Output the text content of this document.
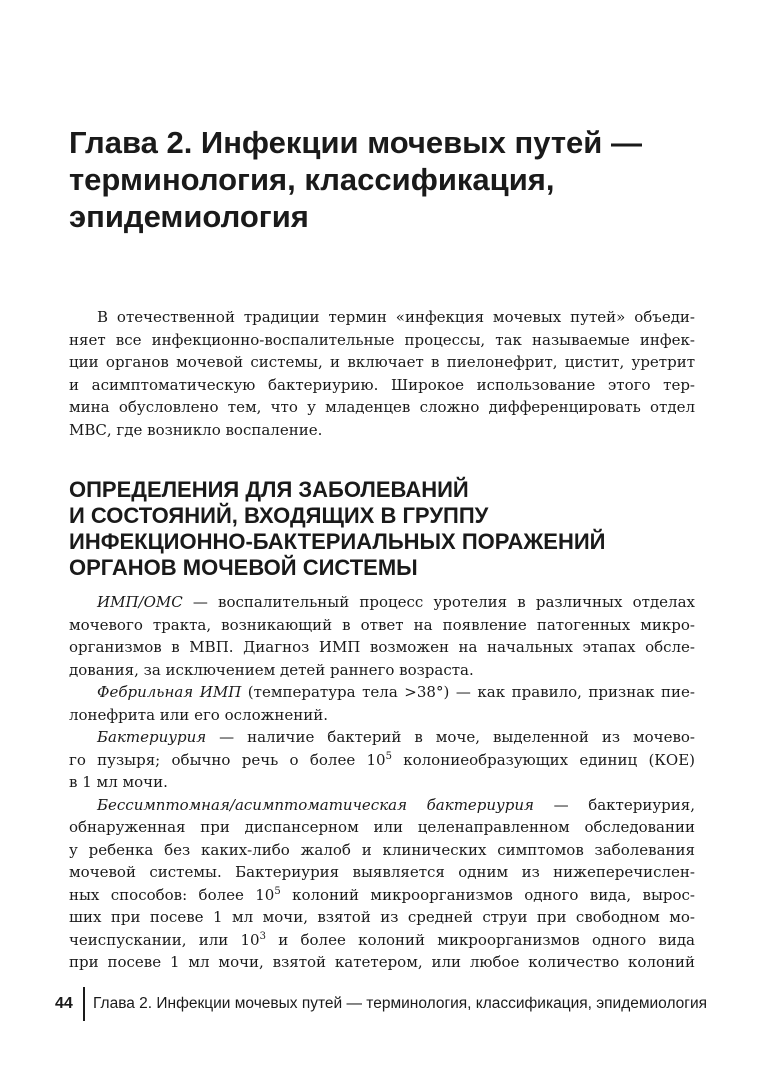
Глава 2. Инфекции мочевых путей —
терминология, классификация,
эпидемиология
В отечественной традиции термин «инфекция мочевых путей» объеди-
няет все инфекционно-воспалительные процессы, так называемые инфек-
ции органов мочевой системы, и включает в пиелонефрит, цистит, уретрит
и асимптоматическую бактериурию. Широкое использование этого тер-
мина обусловлено тем, что у младенцев сложно дифференцировать отдел
МВС, где возникло воспаление.
ОПРЕДЕЛЕНИЯ ДЛЯ ЗАБОЛЕВАНИЙ
И СОСТОЯНИЙ, ВХОДЯЩИХ В ГРУППУ
ИНФЕКЦИОННО-БАКТЕРИАЛЬНЫХ ПОРАЖЕНИЙ
ОРГАНОВ МОЧЕВОЙ СИСТЕМЫ
ИМП/ОМС — воспалительный процесс уротелия в различных отделах
мочевого тракта, возникающий в ответ на появление патогенных микро-
организмов в МВП. Диагноз ИМП возможен на начальных этапах обсле-
дования, за исключением детей раннего возраста.
Фебрильная ИМП (температура тела >38°) — как правило, признак пие-
лонефрита или его осложнений.
Бактериурия — наличие бактерий в моче, выделенной из мочево-
го пузыря; обычно речь о более $10^5$ колониеобразующих единиц (КОЕ)
в 1 мл мочи.
Бессимптомная/асимптоматическая бактериурия — бактериурия,
обнаруженная при диспансерном или целенаправленном обследовании
у ребенка без каких-либо жалоб и клинических симптомов заболевания
мочевой системы. Бактериурия выявляется одним из нижеперечислен-
ных способов: более $10^5$ колоний микроорганизмов одного вида, вырос-
ших при посеве 1 мл мочи, взятой из средней струи при свободном мо-
чеиспускании, или $10^3$ и более колоний микроорганизмов одного вида
при посеве 1 мл мочи, взятой катетером, или любое количество колоний
44 Глава 2. Инфекции мочевых путей — терминология, классификация, эпидемиология
